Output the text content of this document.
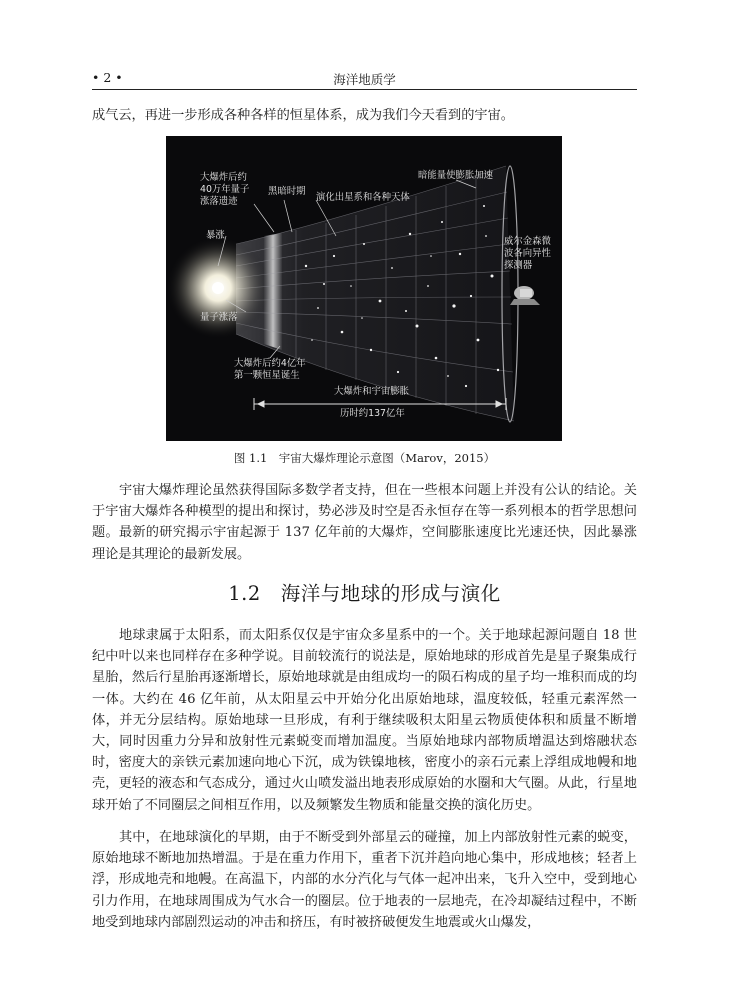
• 2 •	海洋地质学

成气云，再进一步形成各种各样的恒星体系，成为我们今天看到的宇宙。

大爆炸后约
40万年量子
涨落遗迹
黑暗时期
演化出星系和各种天体
暗能量使膨胀加速
暴涨
威尔金森微
波各向异性
探测器
量子涨落
大爆炸后约4亿年
第一颗恒星诞生
大爆炸和宇宙膨胀
历时约137亿年
图 1.1　宇宙大爆炸理论示意图（Marov，2015）

宇宙大爆炸理论虽然获得国际多数学者支持，但在一些根本问题上并没有公认的结论。关于宇宙大爆炸各种模型的提出和探讨，势必涉及时空是否永恒存在等一系列根本的哲学思想问题。最新的研究揭示宇宙起源于 137 亿年前的大爆炸，空间膨胀速度比光速还快，因此暴涨理论是其理论的最新发展。

1.2 海洋与地球的形成与演化

地球隶属于太阳系，而太阳系仅仅是宇宙众多星系中的一个。关于地球起源问题自 18 世纪中叶以来也同样存在多种学说。目前较流行的说法是，原始地球的形成首先是星子聚集成行星胎，然后行星胎再逐渐增长，原始地球就是由组成均一的陨石构成的星子均一堆积而成的均一体。大约在 46 亿年前，从太阳星云中开始分化出原始地球，温度较低，轻重元素浑然一体，并无分层结构。原始地球一旦形成，有利于继续吸积太阳星云物质使体积和质量不断增大，同时因重力分异和放射性元素蜕变而增加温度。当原始地球内部物质增温达到熔融状态时，密度大的亲铁元素加速向地心下沉，成为铁镍地核，密度小的亲石元素上浮组成地幔和地壳，更轻的液态和气态成分，通过火山喷发溢出地表形成原始的水圈和大气圈。从此，行星地球开始了不同圈层之间相互作用，以及频繁发生物质和能量交换的演化历史。

其中，在地球演化的早期，由于不断受到外部星云的碰撞，加上内部放射性元素的蜕变，原始地球不断地加热增温。于是在重力作用下，重者下沉并趋向地心集中，形成地核；轻者上浮，形成地壳和地幔。在高温下，内部的水分汽化与气体一起冲出来，飞升入空中，受到地心引力作用，在地球周围成为气水合一的圈层。位于地表的一层地壳，在冷却凝结过程中，不断地受到地球内部剧烈运动的冲击和挤压，有时被挤破便发生地震或火山爆发，
